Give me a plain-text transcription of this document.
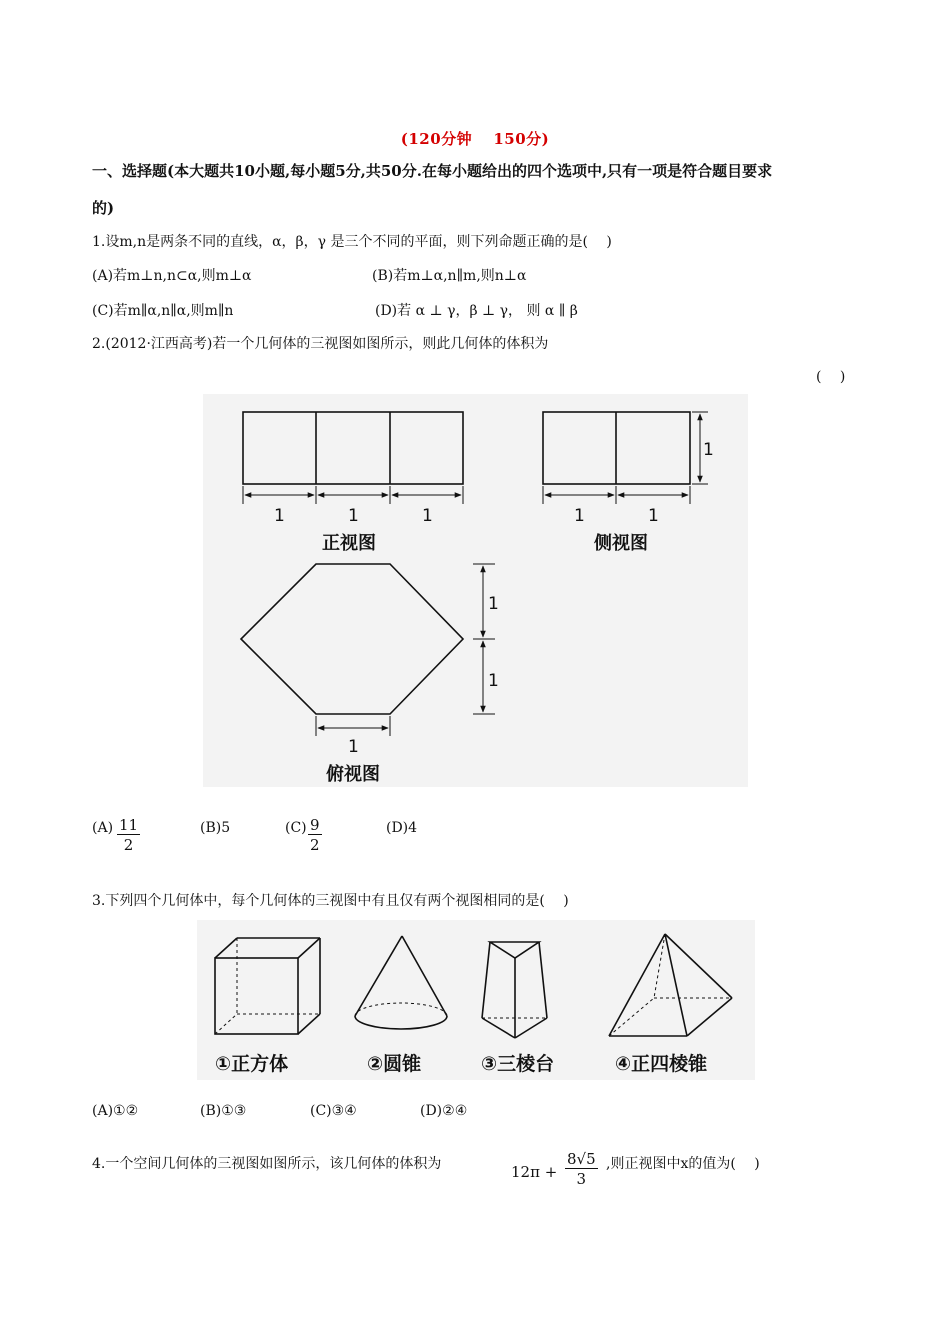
(120分钟　 150分)
一、选择题(本大题共10小题,每小题5分,共50分.在每小题给出的四个选项中,只有一项是符合题目要求
的)
1.设m,n是两条不同的直线，α，β，γ 是三个不同的平面，则下列命题正确的是(　 )
(A)若m⊥n,n⊂α,则m⊥α	(B)若m⊥α,n∥m,则n⊥α
(C)若m∥α,n∥α,则m∥n	(D)若 α ⊥ γ，β ⊥ γ， 则 α ∥ β
2.(2012·江西高考)若一个几何体的三视图如图所示，则此几何体的体积为
(　 )
1	1	1	1	1
1
1
1
1
正视图	侧视图
俯视图
$(A) \frac{11}{2}$	(B)5	$(C) \frac{9}{2}$	(D)4
3.下列四个几何体中，每个几何体的三视图中有且仅有两个视图相同的是(　 )
①正方体	②圆锥	③三棱台	④正四棱锥
(A)①②	(B)①③	(C)③④	(D)②④
4.一个空间几何体的三视图如图所示，该几何体的体积为	$12\pi + \frac{8√5}{3}$ ,则正视图中x的值为(　 )
